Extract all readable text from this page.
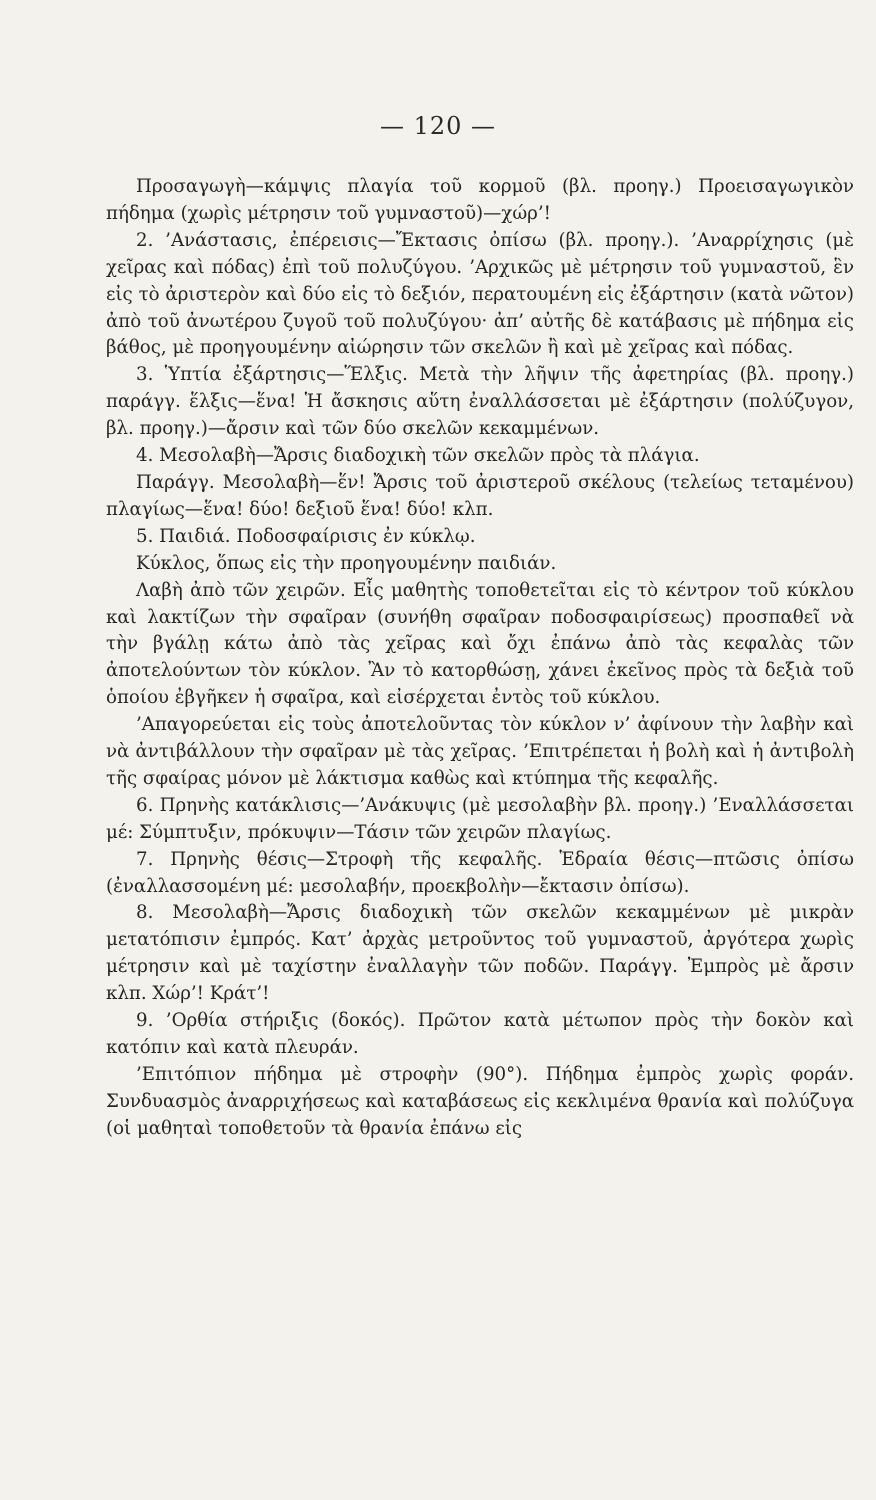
— 120 —

Προσαγωγὴ—κάμψις πλαγία τοῦ κορμοῦ (βλ. προηγ.) Προεισαγωγικὸν πήδημα (χωρὶς μέτρησιν τοῦ γυμναστοῦ)—χώρ’!

2. ’Ανάστασις, ἐπέρεισις—Ἔκτασις ὀπίσω (βλ. προηγ.). ’Αναρρίχησις (μὲ χεῖρας καὶ πόδας) ἐπὶ τοῦ πολυζύγου. ’Αρχικῶς μὲ μέτρησιν τοῦ γυμναστοῦ, ἓν εἰς τὸ ἀριστερὸν καὶ δύο εἰς τὸ δεξιόν, περατουμένη εἰς ἐξάρτησιν (κατὰ νῶτον) ἀπὸ τοῦ ἀνωτέρου ζυγοῦ τοῦ πολυζύγου· ἀπ’ αὐτῆς δὲ κατάβασις μὲ πήδημα εἰς βάθος, μὲ προηγουμένην αἰώρησιν τῶν σκελῶν ἢ καὶ μὲ χεῖρας καὶ πόδας.

3. Ὑπτία ἐξάρτησις—Ἕλξις. Μετὰ τὴν λῆψιν τῆς ἀφετηρίας (βλ. προηγ.) παράγγ. ἕλξις—ἕνα! Ἡ ἄσκησις αὕτη ἐναλλάσσεται μὲ ἐξάρτησιν (πολύζυγον, βλ. προηγ.)—ἄρσιν καὶ τῶν δύο σκελῶν κεκαμμένων.

4. Μεσολαβὴ—Ἄρσις διαδοχικὴ τῶν σκελῶν πρὸς τὰ πλάγια.

Παράγγ. Μεσολαβὴ—ἕν! Ἄρσις τοῦ ἀριστεροῦ σκέλους (τελείως τεταμένου) πλαγίως—ἕνα! δύο! δεξιοῦ ἕνα! δύο! κλπ.

5. Παιδιά. Ποδοσφαίρισις ἐν κύκλῳ.

Κύκλος, ὅπως εἰς τὴν προηγουμένην παιδιάν.

Λαβὴ ἀπὸ τῶν χειρῶν. Εἷς μαθητὴς τοποθετεῖται εἰς τὸ κέντρον τοῦ κύκλου καὶ λακτίζων τὴν σφαῖραν (συνήθη σφαῖραν ποδοσφαιρίσεως) προσπαθεῖ νὰ τὴν βγάλῃ κάτω ἀπὸ τὰς χεῖρας καὶ ὄχι ἐπάνω ἀπὸ τὰς κεφαλὰς τῶν ἀποτελούντων τὸν κύκλον. Ἂν τὸ κατορθώσῃ, χάνει ἐκεῖνος πρὸς τὰ δεξιὰ τοῦ ὁποίου ἐβγῆκεν ἡ σφαῖρα, καὶ εἰσέρχεται ἐντὸς τοῦ κύκλου.

’Απαγορεύεται εἰς τοὺς ἀποτελοῦντας τὸν κύκλον ν’ ἀφίνουν τὴν λαβὴν καὶ νὰ ἀντιβάλλουν τὴν σφαῖραν μὲ τὰς χεῖρας. ’Επιτρέπεται ἡ βολὴ καὶ ἡ ἀντιβολὴ τῆς σφαίρας μόνον μὲ λάκτισμα καθὼς καὶ κτύπημα τῆς κεφαλῆς.

6. Πρηνὴς κατάκλισις—’Ανάκυψις (μὲ μεσολαβὴν βλ. προηγ.) ’Εναλλάσσεται μέ: Σύμπτυξιν, πρόκυψιν—Τάσιν τῶν χειρῶν πλαγίως.

7. Πρηνὴς θέσις—Στροφὴ τῆς κεφαλῆς. Ἑδραία θέσις—πτῶσις ὀπίσω (ἐναλλασσομένη μέ: μεσολαβήν, προεκβολὴν—ἔκτασιν ὀπίσω).

8. Μεσολαβὴ—Ἄρσις διαδοχικὴ τῶν σκελῶν κεκαμμένων μὲ μικρὰν μετατόπισιν ἐμπρός. Κατ’ ἀρχὰς μετροῦντος τοῦ γυμναστοῦ, ἀργότερα χωρὶς μέτρησιν καὶ μὲ ταχίστην ἐναλλαγὴν τῶν ποδῶν. Παράγγ. Ἐμπρὸς μὲ ἄρσιν κλπ. Χώρ’! Κράτ’!

9. ’Ορθία στήριξις (δοκός). Πρῶτον κατὰ μέτωπον πρὸς τὴν δοκὸν καὶ κατόπιν καὶ κατὰ πλευράν.

’Επιτόπιον πήδημα μὲ στροφὴν (90°). Πήδημα ἐμπρὸς χωρὶς φοράν. Συνδυασμὸς ἀναρριχήσεως καὶ καταβάσεως εἰς κεκλιμένα θρανία καὶ πολύζυγα (οἱ μαθηταὶ τοποθετοῦν τὰ θρανία ἐπάνω εἰς
